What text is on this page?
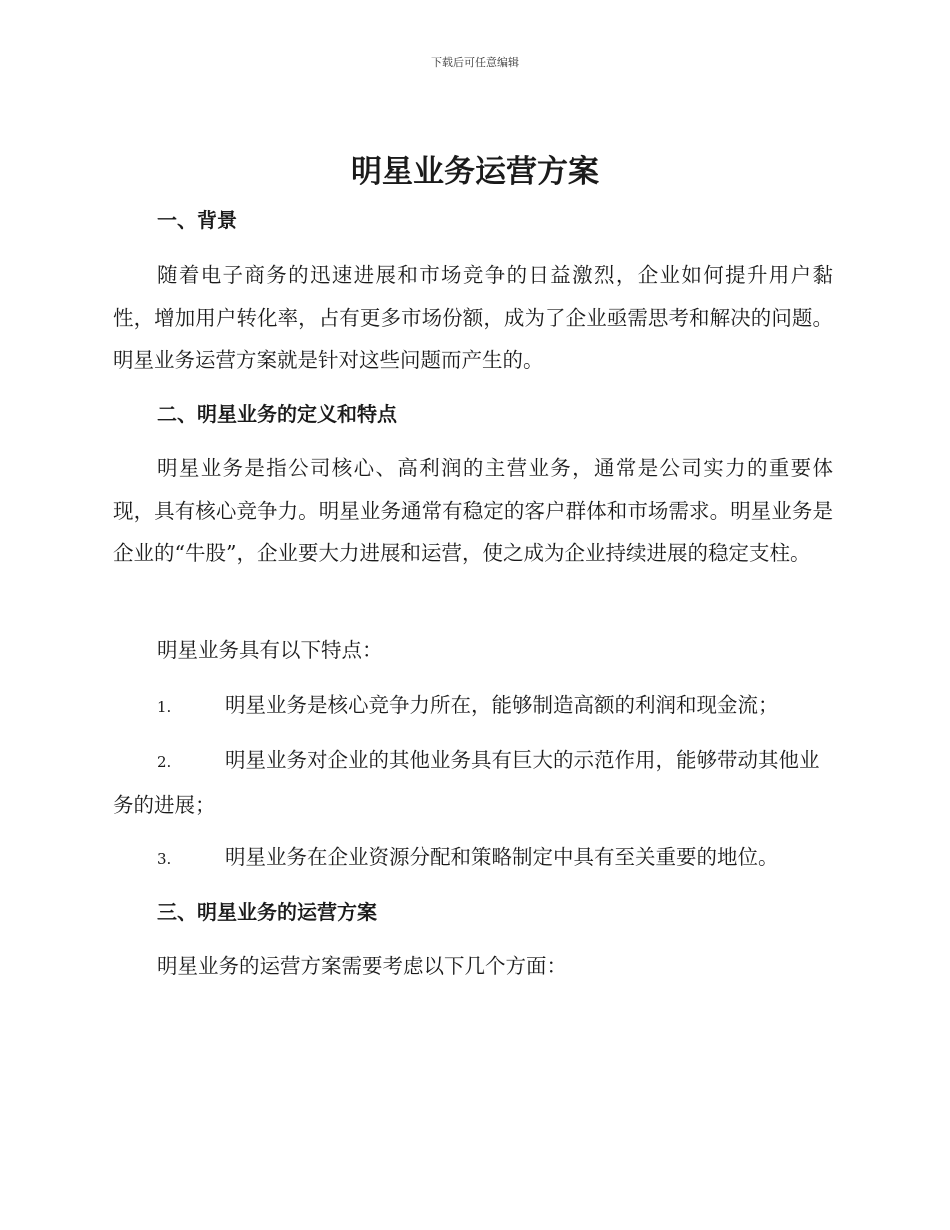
下载后可任意编辑
明星业务运营方案
一、背景

随着电子商务的迅速进展和市场竞争的日益激烈，企业如何提升用户黏性，增加用户转化率，占有更多市场份额，成为了企业亟需思考和解决的问题。明星业务运营方案就是针对这些问题而产生的。

二、明星业务的定义和特点

明星业务是指公司核心、高利润的主营业务，通常是公司实力的重要体现，具有核心竞争力。明星业务通常有稳定的客户群体和市场需求。明星业务是企业的“牛股”，企业要大力进展和运营，使之成为企业持续进展的稳定支柱。

明星业务具有以下特点：

1.	明星业务是核心竞争力所在，能够制造高额的利润和现金流；

2.	明星业务对企业的其他业务具有巨大的示范作用，能够带动其他业务的进展；

3.	明星业务在企业资源分配和策略制定中具有至关重要的地位。

三、明星业务的运营方案

明星业务的运营方案需要考虑以下几个方面：
